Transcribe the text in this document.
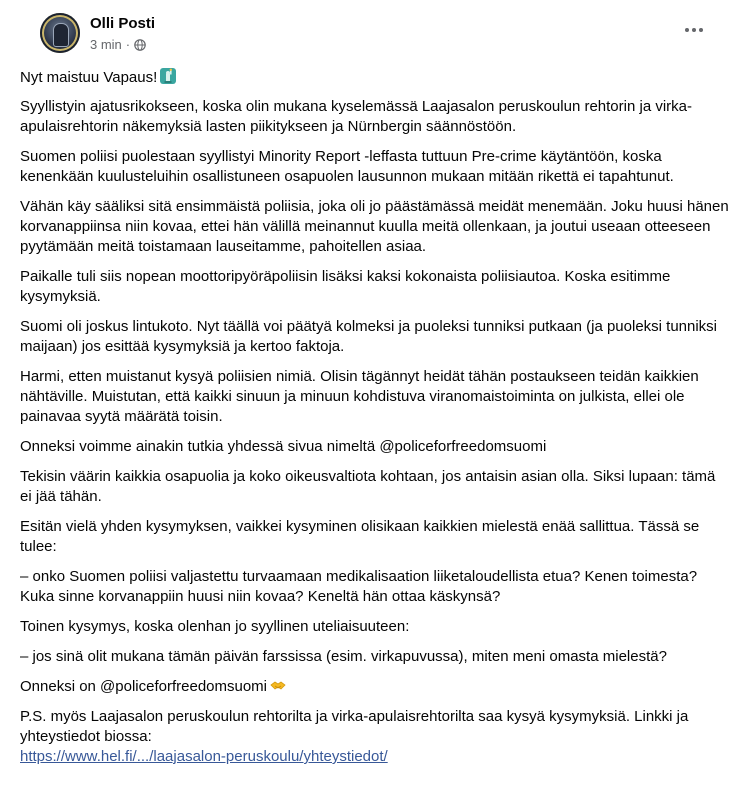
Olli Posti
3 min ·

Nyt maistuu Vapaus!

Syyllistyin ajatusrikokseen, koska olin mukana kyselemässä Laajasalon peruskoulun rehtorin ja virka-apulaisrehtorin näkemyksiä lasten piikitykseen ja Nürnbergin säännöstöön.

Suomen poliisi puolestaan syyllistyi Minority Report -leffasta tuttuun Pre-crime käytäntöön, koska kenenkään kuulusteluihin osallistuneen osapuolen lausunnon mukaan mitään rikettä ei tapahtunut.

Vähän käy sääliksi sitä ensimmäistä poliisia, joka oli jo päästämässä meidät menemään. Joku huusi hänen korvanappiinsa niin kovaa, ettei hän välillä meinannut kuulla meitä ollenkaan, ja joutui useaan otteeseen pyytämään meitä toistamaan lauseitamme, pahoitellen asiaa.

Paikalle tuli siis nopean moottoripyöräpoliisin lisäksi kaksi kokonaista poliisiautoa. Koska esitimme kysymyksiä.

Suomi oli joskus lintukoto. Nyt täällä voi päätyä kolmeksi ja puoleksi tunniksi putkaan (ja puoleksi tunniksi maijaan) jos esittää kysymyksiä ja kertoo faktoja.

Harmi, etten muistanut kysyä poliisien nimiä. Olisin tägännyt heidät tähän postaukseen teidän kaikkien nähtäville. Muistutan, että kaikki sinuun ja minuun kohdistuva viranomaistoiminta on julkista, ellei ole painavaa syytä määrätä toisin.

Onneksi voimme ainakin tutkia yhdessä sivua nimeltä @policeforfreedomsuomi

Tekisin väärin kaikkia osapuolia ja koko oikeusvaltiota kohtaan, jos antaisin asian olla. Siksi lupaan: tämä ei jää tähän.

Esitän vielä yhden kysymyksen, vaikkei kysyminen olisikaan kaikkien mielestä enää sallittua. Tässä se tulee:

– onko Suomen poliisi valjastettu turvaamaan medikalisaation liiketaloudellista etua? Kenen toimesta? Kuka sinne korvanappiin huusi niin kovaa? Keneltä hän ottaa käskynsä?

Toinen kysymys, koska olenhan jo syyllinen uteliaisuuteen:

– jos sinä olit mukana tämän päivän farssissa (esim. virkapuvussa), miten meni omasta mielestä?

Onneksi on @policeforfreedomsuomi

P.S. myös Laajasalon peruskoulun rehtorilta ja virka-apulaisrehtorilta saa kysyä kysymyksiä. Linkki ja yhteystiedot biossa:
https://www.hel.fi/.../laajasalon-peruskoulu/yhteystiedot/
